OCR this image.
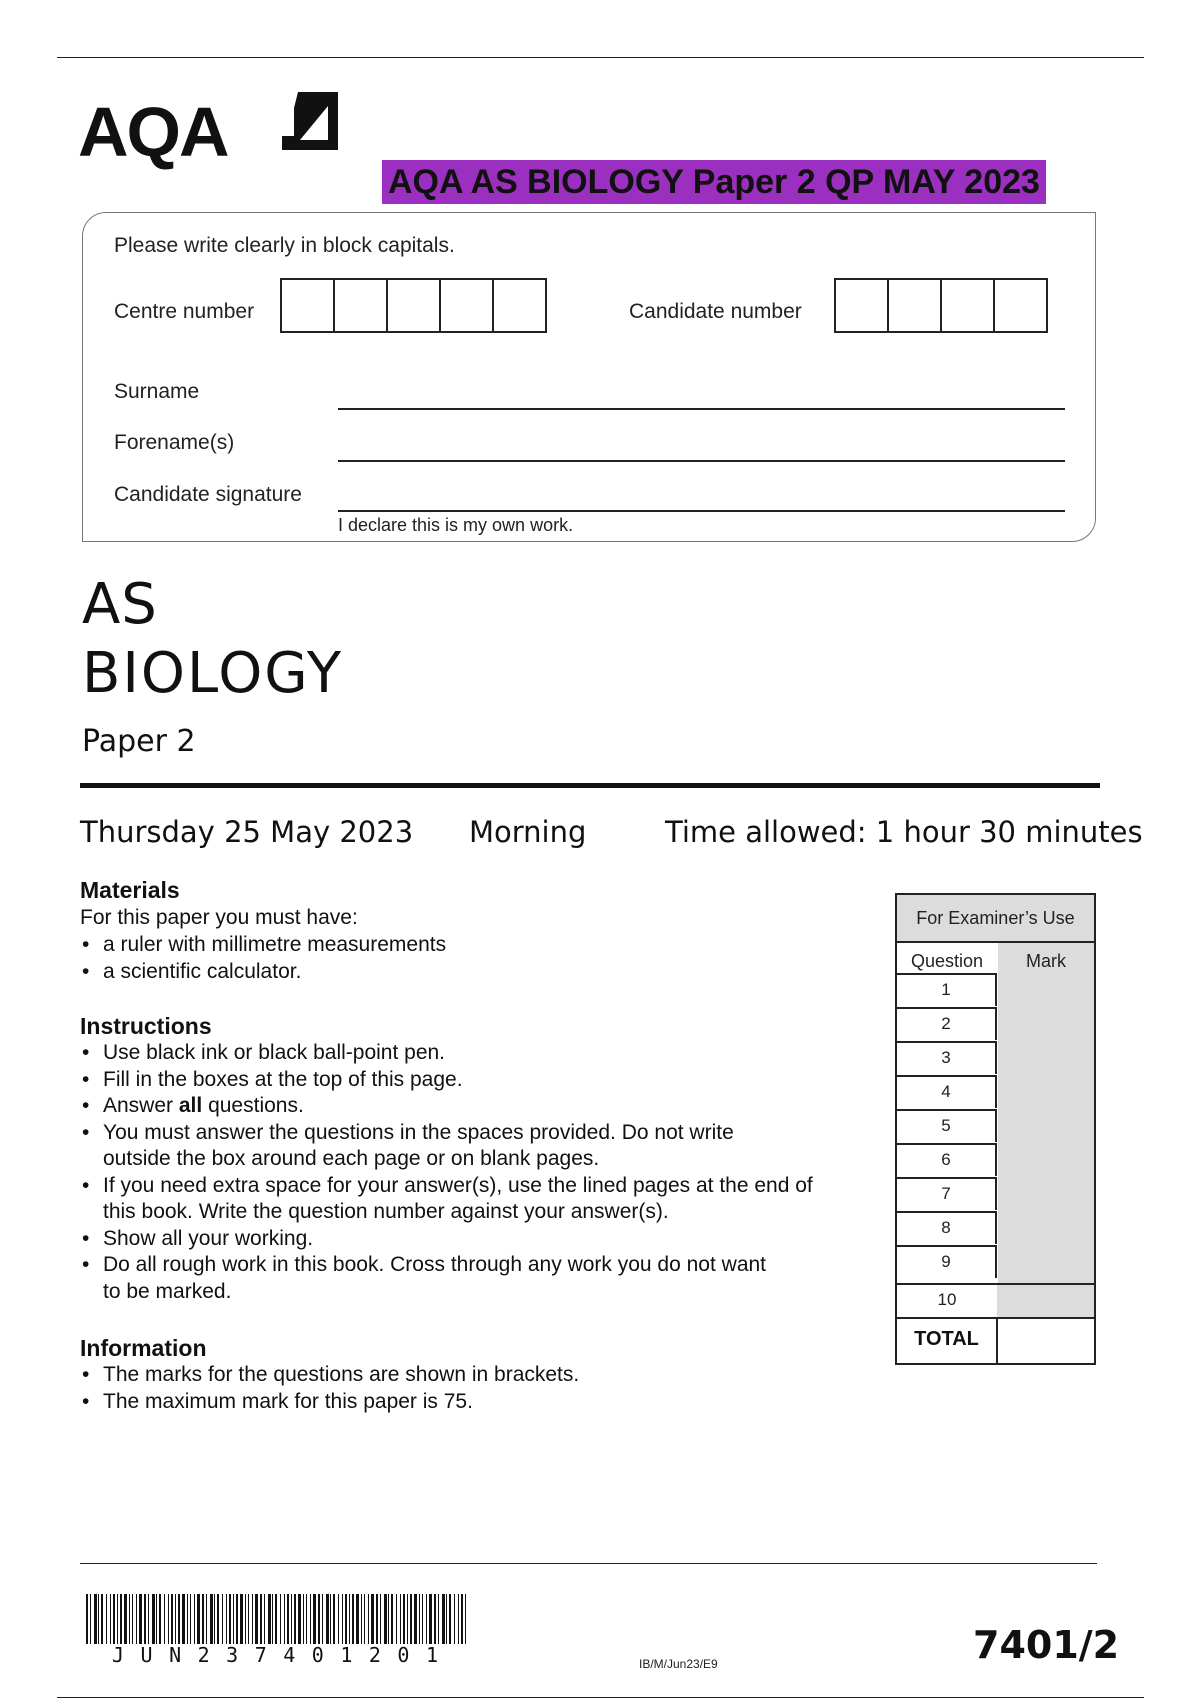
AQA
AQA AS BIOLOGY Paper 2 QP MAY 2023
Please write clearly in block capitals.
Centre number	Candidate number
Surname
Forename(s)
Candidate signature
I declare this is my own work.
AS
BIOLOGY
Paper 2
Thursday 25 May 2023 Morning	Time allowed: 1 hour 30 minutes
Materials
For this paper you must have:
• a ruler with millimetre measurements
• a scientific calculator.
Instructions
• Use black ink or black ball-point pen.
• Fill in the boxes at the top of this page.
• Answer all questions.
• You must answer the questions in the spaces provided. Do not write
outside the box around each page or on blank pages.
• If you need extra space for your answer(s), use the lined pages at the end of
this book. Write the question number against your answer(s).
• Show all your working.
• Do all rough work in this book. Cross through any work you do not want
to be marked.
Information
• The marks for the questions are shown in brackets.
• The maximum mark for this paper is 75.
For Examiner’s Use
Question	Mark
1
2
3
4
5
6
7
8
9
10
TOTAL
JUN237401201	IB/M/Jun23/E9	7401/2
